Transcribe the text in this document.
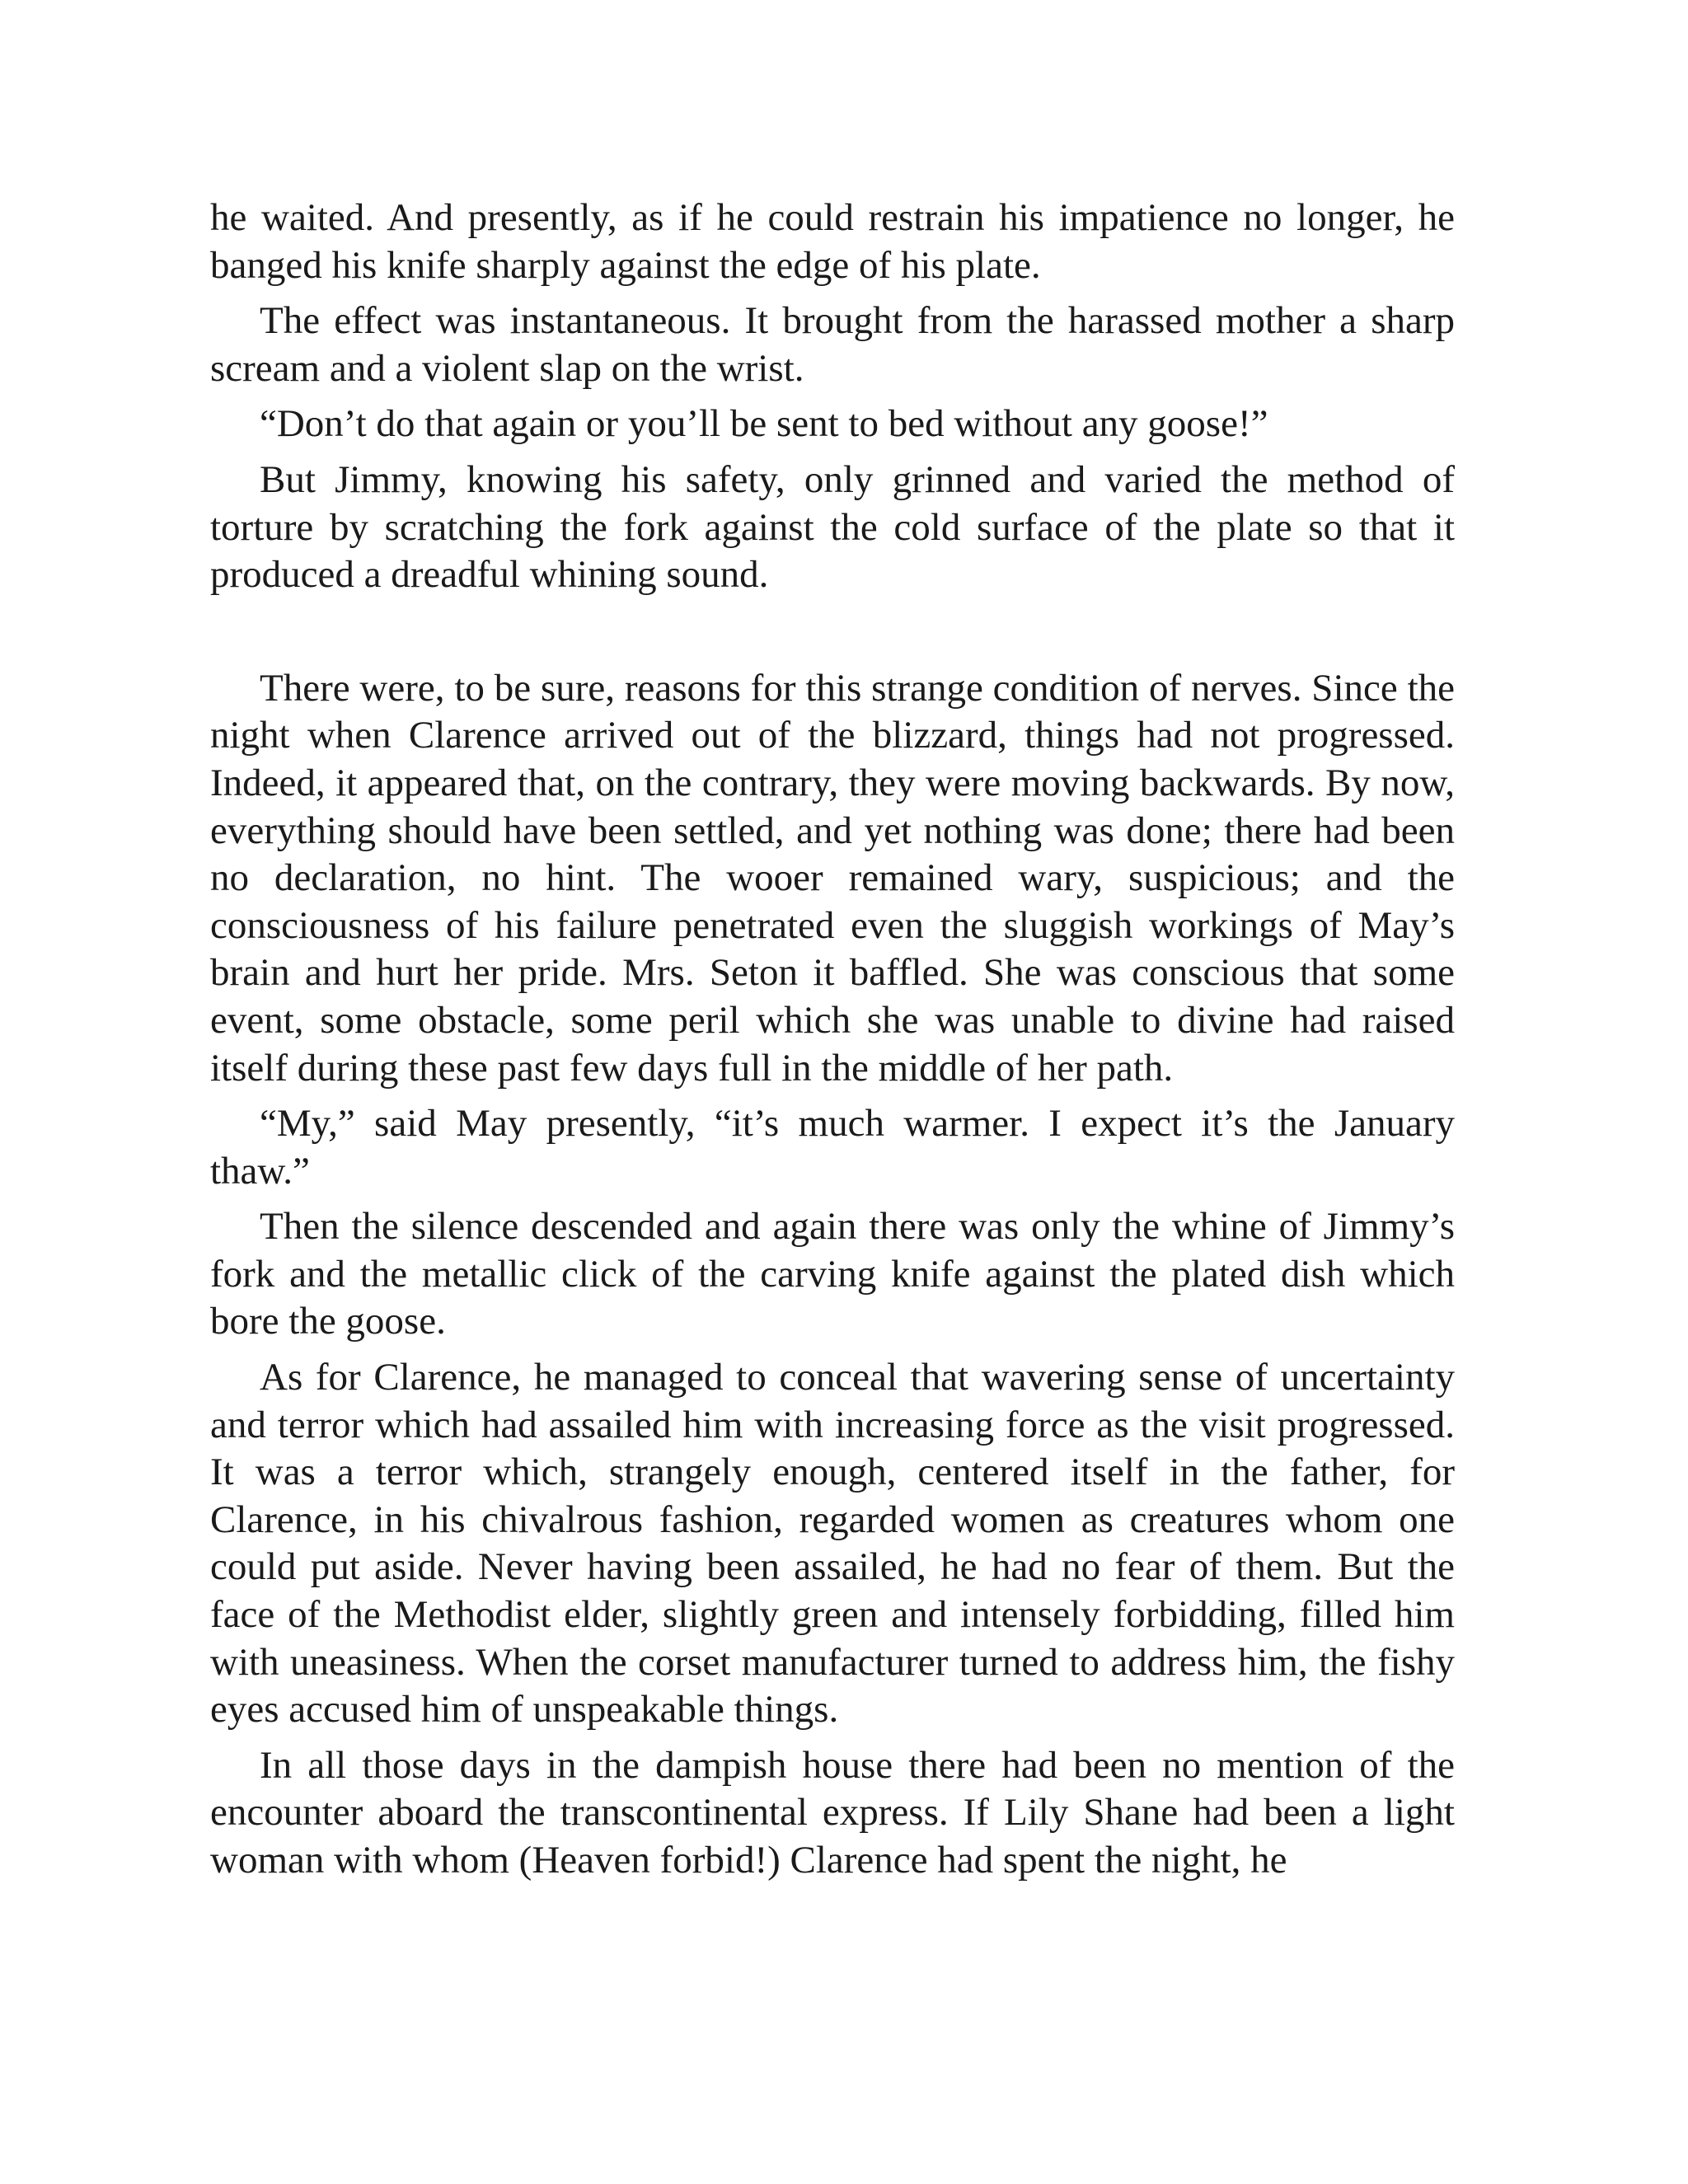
he waited. And presently, as if he could restrain his impatience no longer, he banged his knife sharply against the edge of his plate.

The effect was instantaneous. It brought from the harassed mother a sharp scream and a violent slap on the wrist.

“Don’t do that again or you’ll be sent to bed without any goose!”

But Jimmy, knowing his safety, only grinned and varied the method of torture by scratching the fork against the cold surface of the plate so that it produced a dreadful whining sound.

There were, to be sure, reasons for this strange condition of nerves. Since the night when Clarence arrived out of the blizzard, things had not progressed. Indeed, it appeared that, on the contrary, they were moving backwards. By now, everything should have been settled, and yet nothing was done; there had been no declaration, no hint. The wooer remained wary, suspicious; and the consciousness of his failure penetrated even the sluggish workings of May’s brain and hurt her pride. Mrs. Seton it baffled. She was conscious that some event, some obstacle, some peril which she was unable to divine had raised itself during these past few days full in the middle of her path.

“My,” said May presently, “it’s much warmer. I expect it’s the January thaw.”

Then the silence descended and again there was only the whine of Jimmy’s fork and the metallic click of the carving knife against the plated dish which bore the goose.

As for Clarence, he managed to conceal that wavering sense of uncertainty and terror which had assailed him with increasing force as the visit progressed. It was a terror which, strangely enough, centered itself in the father, for Clarence, in his chivalrous fashion, regarded women as creatures whom one could put aside. Never having been assailed, he had no fear of them. But the face of the Methodist elder, slightly green and intensely forbidding, filled him with uneasiness. When the corset manufacturer turned to address him, the fishy eyes accused him of unspeakable things.

In all those days in the dampish house there had been no mention of the encounter aboard the transcontinental express. If Lily Shane had been a light woman with whom (Heaven forbid!) Clarence had spent the night, he
